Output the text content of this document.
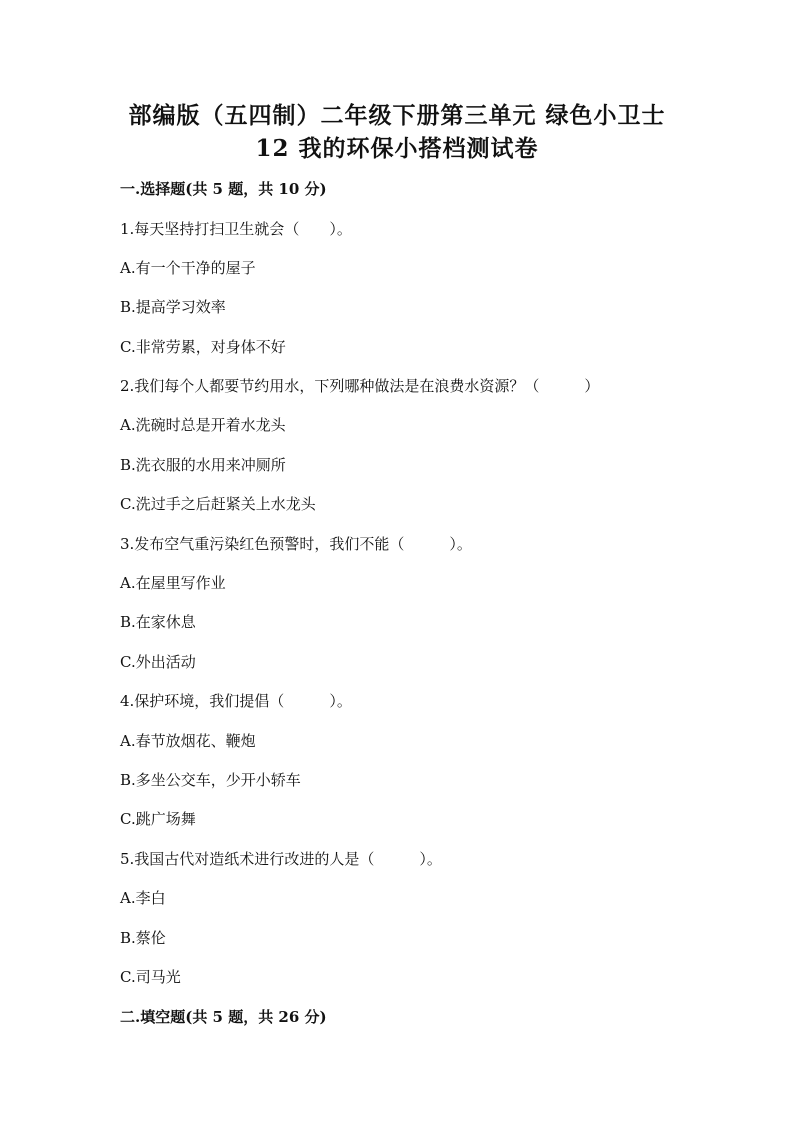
部编版（五四制）二年级下册第三单元 绿色小卫士
12 我的环保小搭档测试卷
一.选择题(共 5 题，共 10 分)
1.每天坚持打扫卫生就会（　　）。
A.有一个干净的屋子
B.提高学习效率
C.非常劳累，对身体不好
2.我们每个人都要节约用水，下列哪种做法是在浪费水资源？（　　　）
A.洗碗时总是开着水龙头
B.洗衣服的水用来冲厕所
C.洗过手之后赶紧关上水龙头
3.发布空气重污染红色预警时，我们不能（　　　）。
A.在屋里写作业
B.在家休息
C.外出活动
4.保护环境，我们提倡（　　　）。
A.春节放烟花、鞭炮
B.多坐公交车，少开小轿车
C.跳广场舞
5.我国古代对造纸术进行改进的人是（　　　）。
A.李白
B.蔡伦
C.司马光
二.填空题(共 5 题，共 26 分)
